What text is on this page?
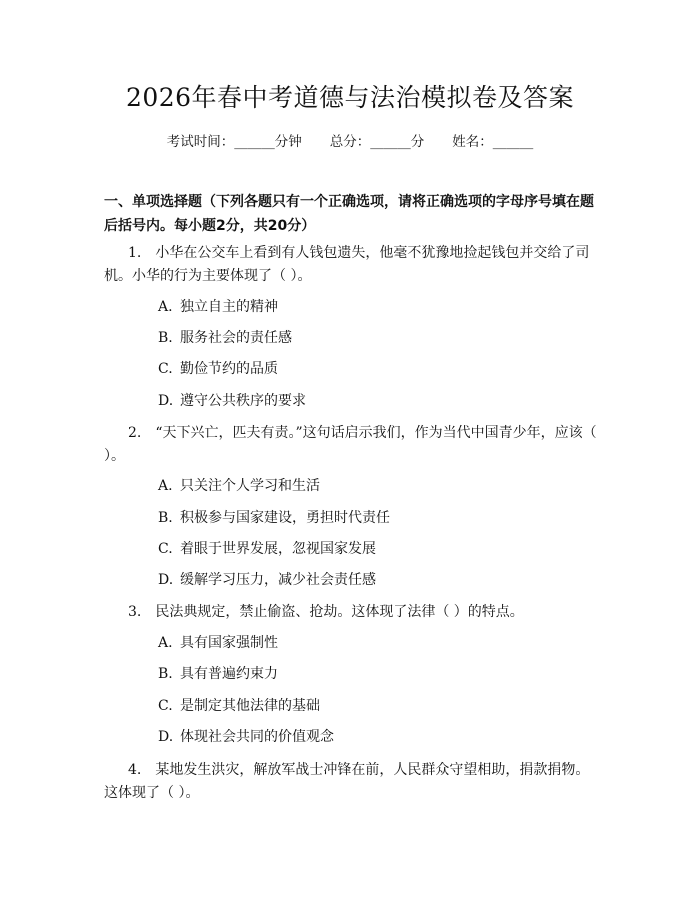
2026年春中考道德与法治模拟卷及答案
考试时间：______分钟 总分：______分 姓名：______
一、单项选择题（下列各题只有一个正确选项，请将正确选项的字母序号填在题后括号内。每小题2分，共20分）
1.　小华在公交车上看到有人钱包遗失，他毫不犹豫地捡起钱包并交给了司机。小华的行为主要体现了（ ）。
A. 独立自主的精神
B. 服务社会的责任感
C. 勤俭节约的品质
D. 遵守公共秩序的要求
2.　“天下兴亡，匹夫有责。”这句话启示我们，作为当代中国青少年，应该（ ）。
A. 只关注个人学习和生活
B. 积极参与国家建设，勇担时代责任
C. 着眼于世界发展，忽视国家发展
D. 缓解学习压力，减少社会责任感
3.　民法典规定，禁止偷盗、抢劫。这体现了法律（ ）的特点。
A. 具有国家强制性
B. 具有普遍约束力
C. 是制定其他法律的基础
D. 体现社会共同的价值观念
4.　某地发生洪灾，解放军战士冲锋在前，人民群众守望相助，捐款捐物。这体现了（ ）。
